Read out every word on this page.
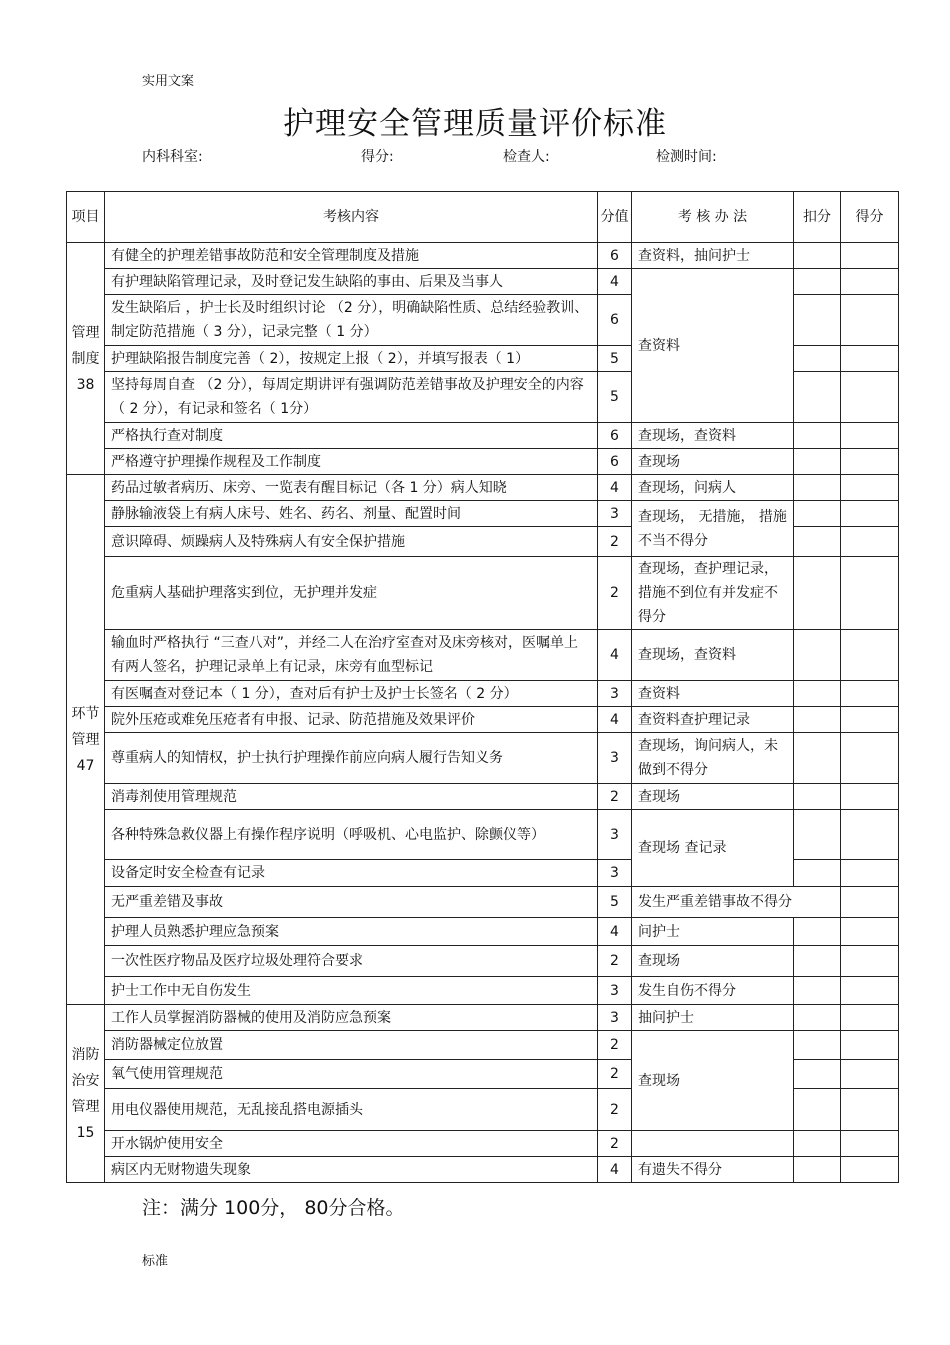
实用文案
护理安全管理质量评价标准
内科科室:	得分:	检查人:	检测时间:
项目	考核内容	分值	考 核 办 法	扣分	得分
管理制度38	有健全的护理差错事故防范和安全管理制度及措施	6	查资料，抽问护士		
	有护理缺陷管理记录，及时登记发生缺陷的事由、后果及当事人	4	查资料		
	发生缺陷后 ，护士长及时组织讨论 （2 分），明确缺陷性质、总结经验教训、制定防范措施（ 3 分），记录完整（ 1 分）	6			
	护理缺陷报告制度完善（ 2），按规定上报（ 2），并填写报表（ 1）	5			
	坚持每周自查 （2 分），每周定期讲评有强调防范差错事故及护理安全的内容（ 2 分），有记录和签名（ 1分）	5			
	严格执行查对制度	6	查现场，查资料		
	严格遵守护理操作规程及工作制度	6	查现场		
环节管理47	药品过敏者病历、床旁、一览表有醒目标记（各 1 分）病人知晓	4	查现场，问病人		
	静脉输液袋上有病人床号、姓名、药名、剂量、配置时间	3	查现场， 无措施， 措施不当不得分		
	意识障碍、烦躁病人及特殊病人有安全保护措施	2			
	危重病人基础护理落实到位，无护理并发症	2	查现场，查护理记录，措施不到位有并发症不得分		
	输血时严格执行 “三查八对”，并经二人在治疗室查对及床旁核对，医嘱单上有两人签名，护理记录单上有记录，床旁有血型标记	4	查现场，查资料		
	有医嘱查对登记本（ 1 分），查对后有护士及护士长签名（ 2 分）	3	查资料		
	院外压疮或难免压疮者有申报、记录、防范措施及效果评价	4	查资料查护理记录		
	尊重病人的知情权，护士执行护理操作前应向病人履行告知义务	3	查现场，询问病人，未做到不得分		
	消毒剂使用管理规范	2	查现场		
	各种特殊急救仪器上有操作程序说明（呼吸机、心电监护、除颤仪等）	3	查现场 查记录		
	设备定时安全检查有记录	3			
	无严重差错及事故	5	发生严重差错事故不得分		
	护理人员熟悉护理应急预案	4	问护士		
	一次性医疗物品及医疗垃圾处理符合要求	2	查现场		
	护士工作中无自伤发生	3	发生自伤不得分		
消防治安管理15	工作人员掌握消防器械的使用及消防应急预案	3	抽问护士		
	消防器械定位放置	2	查现场		
	氧气使用管理规范	2			
	用电仪器使用规范，无乱接乱搭电源插头	2			
	开水锅炉使用安全	2			
	病区内无财物遗失现象	4	有遗失不得分		
注：满分 100分， 80分合格。
标准
